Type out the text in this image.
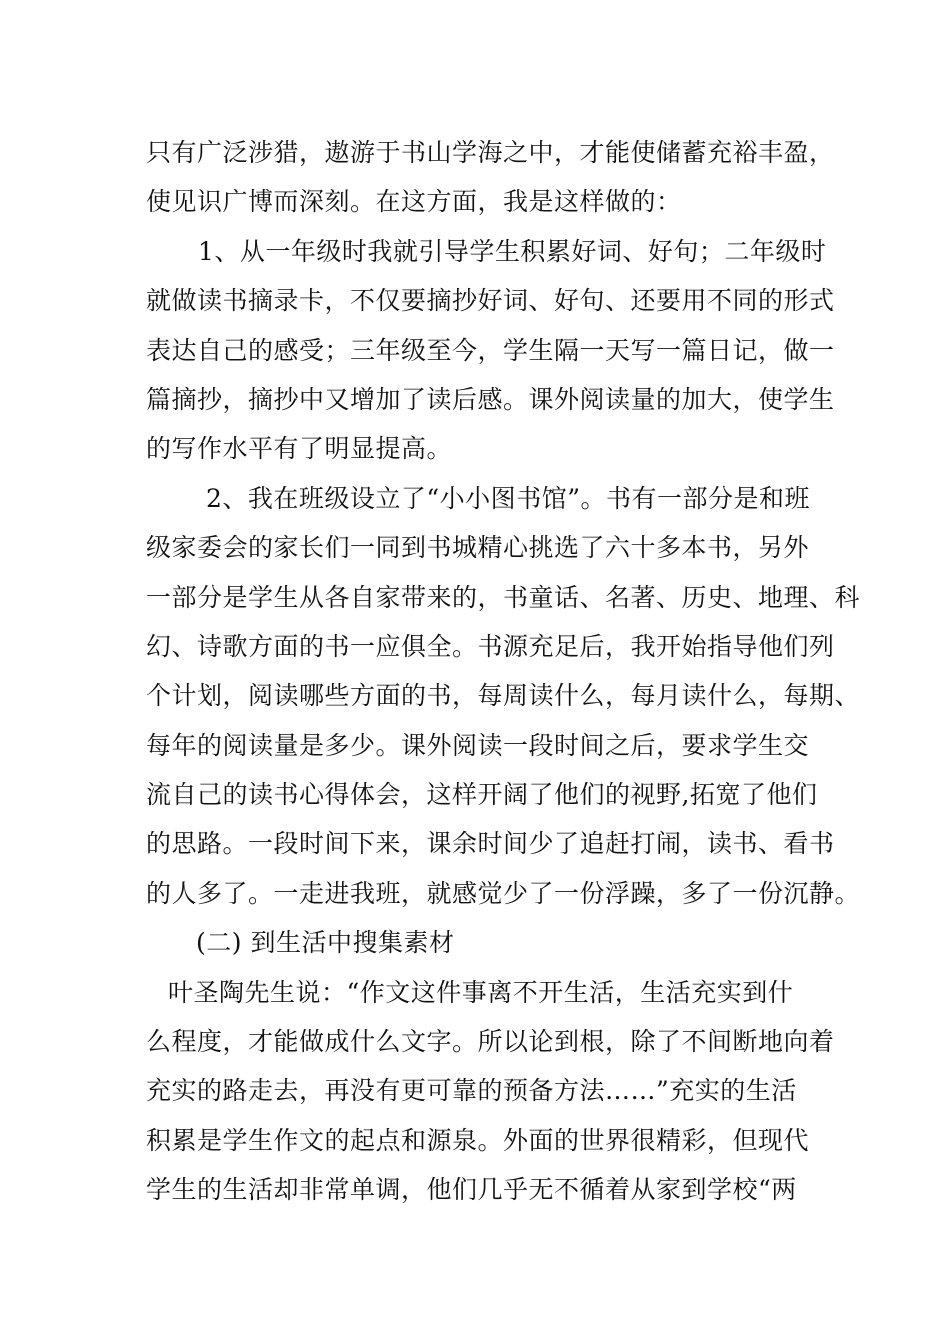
只有广泛涉猎，遨游于书山学海之中，才能使储蓄充裕丰盈，
使见识广博而深刻。在这方面，我是这样做的：
1、从一年级时我就引导学生积累好词、好句；二年级时
就做读书摘录卡，不仅要摘抄好词、好句、还要用不同的形式
表达自己的感受；三年级至今，学生隔一天写一篇日记，做一
篇摘抄，摘抄中又增加了读后感。课外阅读量的加大，使学生
的写作水平有了明显提高。
2、我在班级设立了“小小图书馆”。书有一部分是和班
级家委会的家长们一同到书城精心挑选了六十多本书，另外
一部分是学生从各自家带来的，书童话、名著、历史、地理、科
幻、诗歌方面的书一应俱全。书源充足后，我开始指导他们列
个计划，阅读哪些方面的书，每周读什么，每月读什么，每期、
每年的阅读量是多少。课外阅读一段时间之后，要求学生交
流自己的读书心得体会，这样开阔了他们的视野,拓宽了他们
的思路。一段时间下来，课余时间少了追赶打闹，读书、看书
的人多了。一走进我班，就感觉少了一份浮躁，多了一份沉静。
(二) 到生活中搜集素材
叶圣陶先生说：“作文这件事离不开生活，生活充实到什
么程度，才能做成什么文字。所以论到根，除了不间断地向着
充实的路走去，再没有更可靠的预备方法……”充实的生活
积累是学生作文的起点和源泉。外面的世界很精彩，但现代
学生的生活却非常单调，他们几乎无不循着从家到学校“两
